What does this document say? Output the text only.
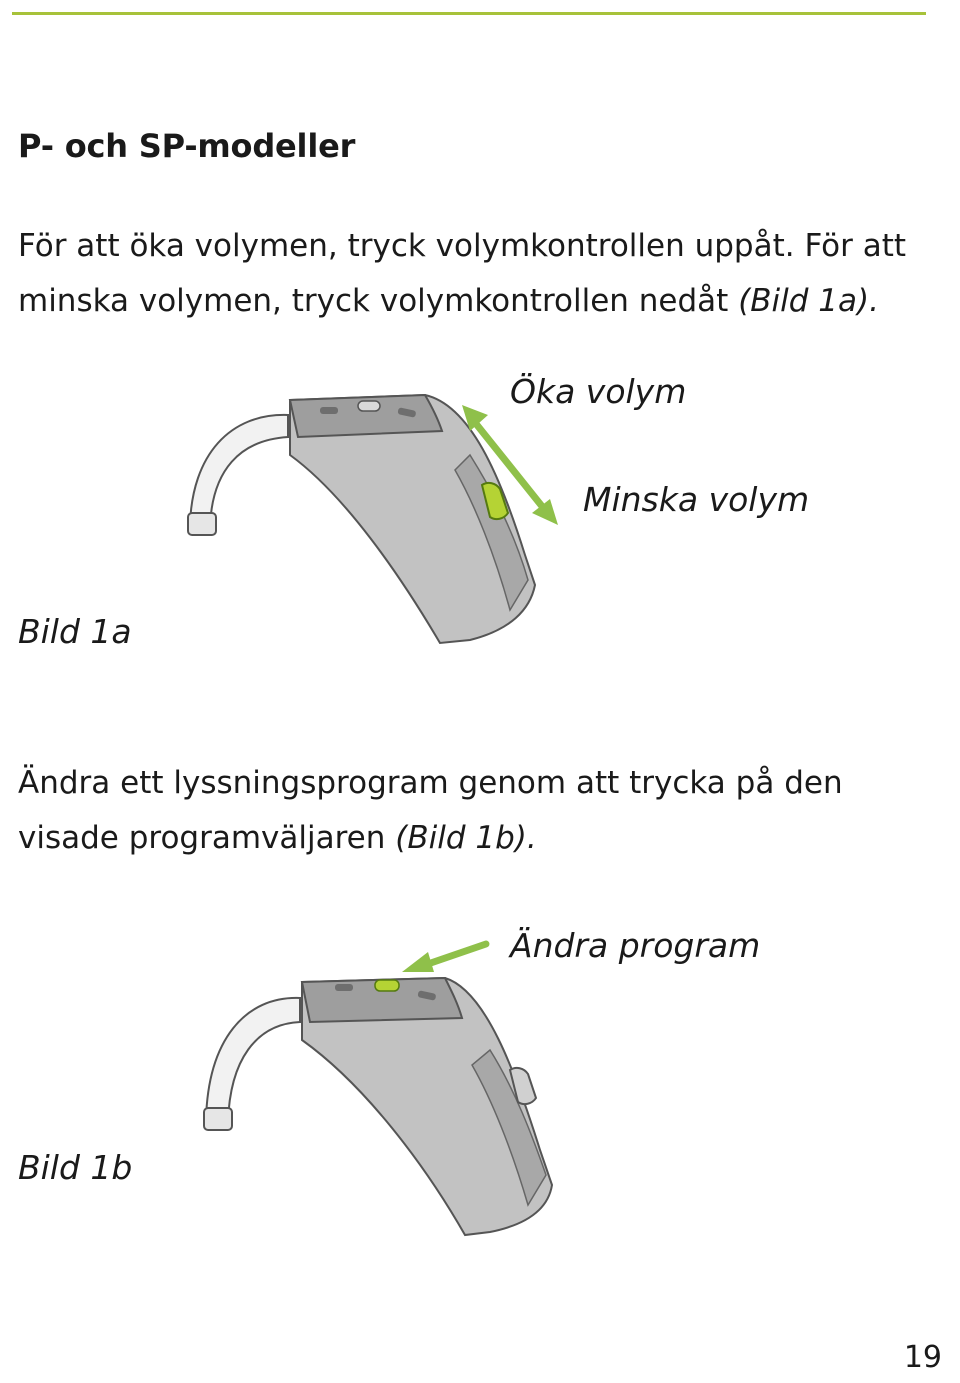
P- och SP-modeller
För att öka volymen, tryck volymkontrollen uppåt. För att
minska volymen, tryck volymkontrollen nedåt (Bild 1a).
Öka volym
Minska volym
Bild 1a
Ändra ett lyssningsprogram genom att trycka på den
visade programväljaren (Bild 1b).
Ändra program
Bild 1b
19
